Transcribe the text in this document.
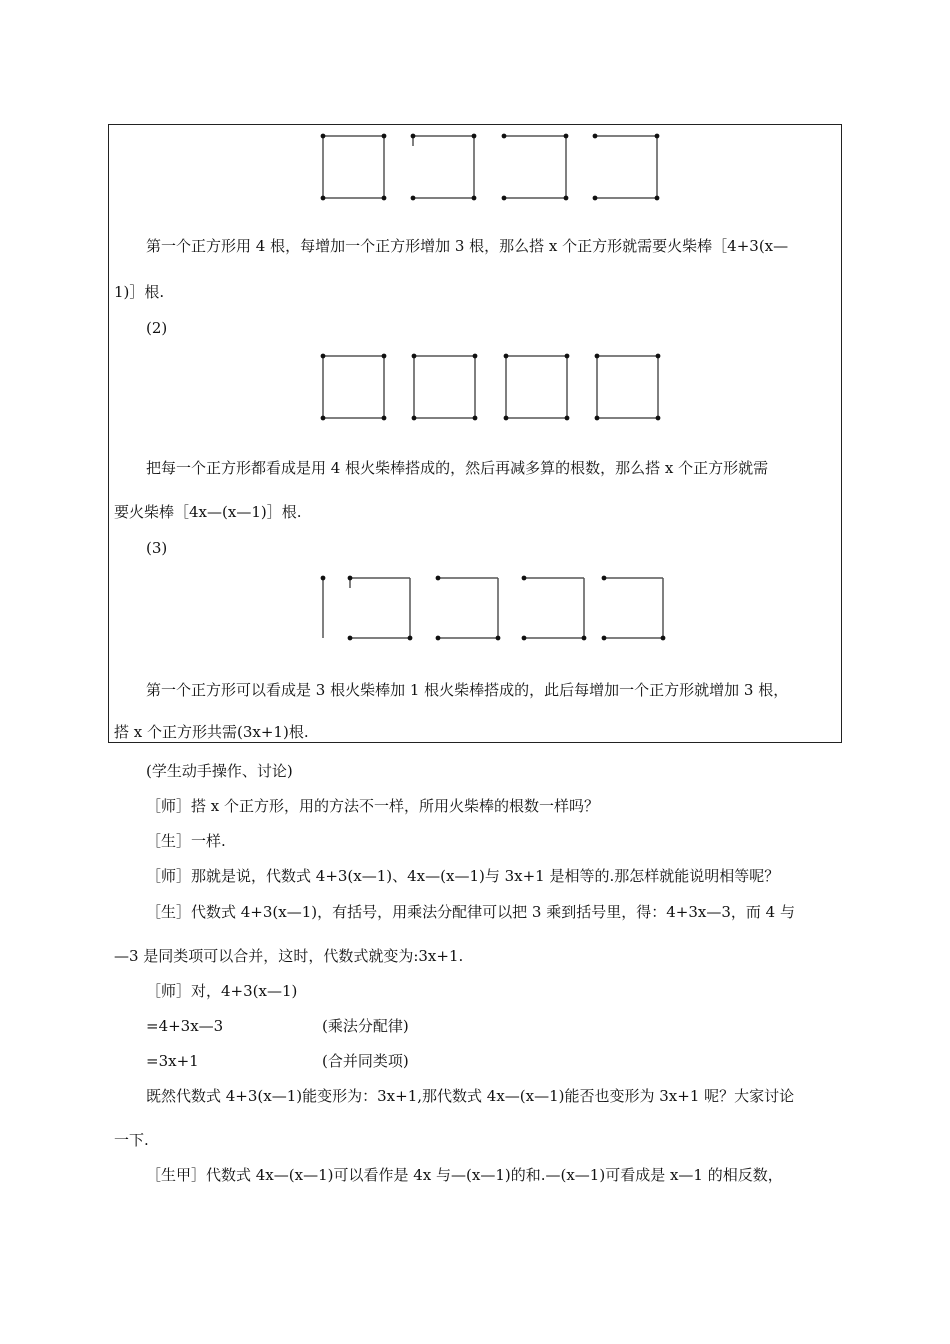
第一个正方形用 4 根，每增加一个正方形增加 3 根，那么搭 x 个正方形就需要火柴棒［4+3(x—
1)］根.
(2)
把每一个正方形都看成是用 4 根火柴棒搭成的，然后再减多算的根数，那么搭 x 个正方形就需
要火柴棒［4x—(x—1)］根.
(3)
第一个正方形可以看成是 3 根火柴棒加 1 根火柴棒搭成的，此后每增加一个正方形就增加 3 根，
搭 x 个正方形共需(3x+1)根.
(学生动手操作、讨论)
［师］搭 x 个正方形，用的方法不一样，所用火柴棒的根数一样吗？
［生］一样.
［师］那就是说，代数式 4+3(x—1)、4x—(x—1)与 3x+1 是相等的.那怎样就能说明相等呢？
［生］代数式 4+3(x—1)，有括号，用乘法分配律可以把 3 乘到括号里，得：4+3x—3，而 4 与
—3 是同类项可以合并，这时，代数式就变为:3x+1.
［师］对，4+3(x—1)
=4+3x—3	(乘法分配律)
=3x+1	(合并同类项)
既然代数式 4+3(x—1)能变形为：3x+1,那代数式 4x—(x—1)能否也变形为 3x+1 呢？大家讨论
一下.
［生甲］代数式 4x—(x—1)可以看作是 4x 与—(x—1)的和.—(x—1)可看成是 x—1 的相反数，
